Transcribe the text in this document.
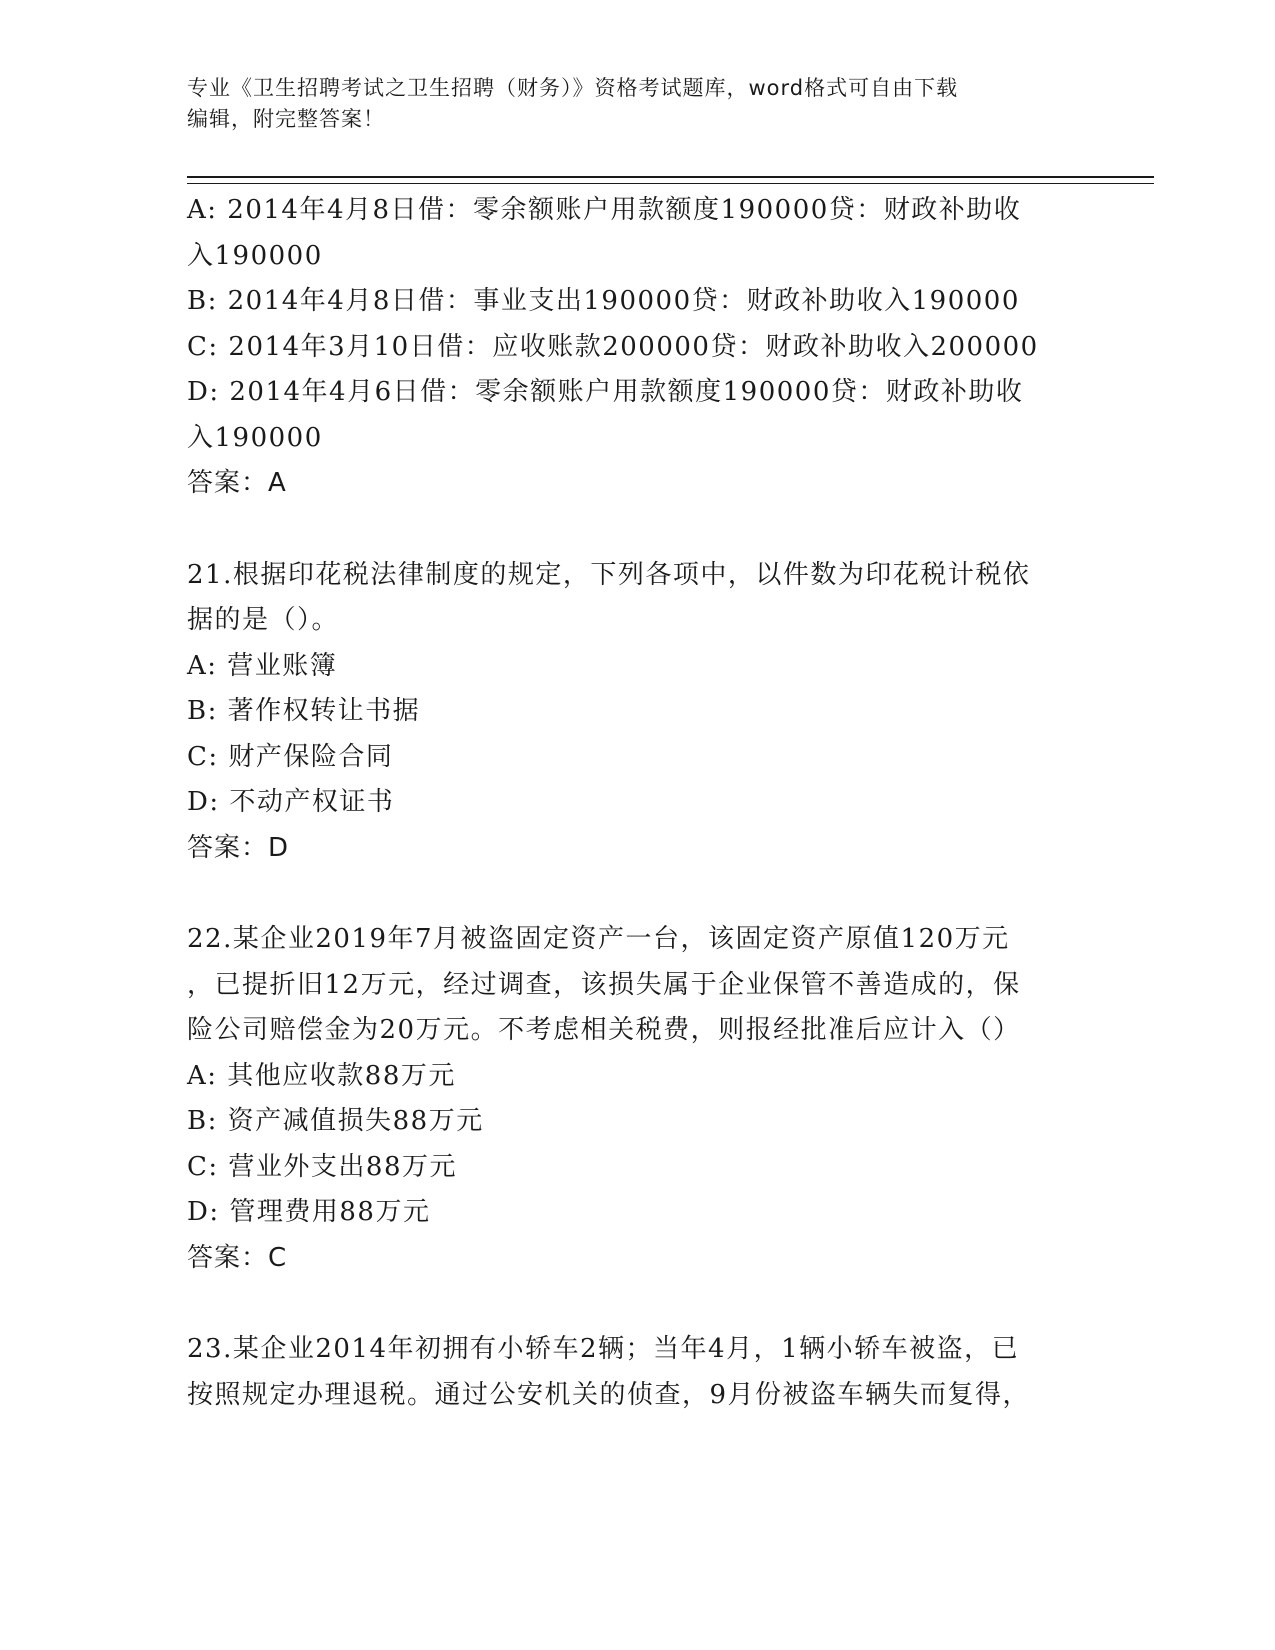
专业《卫生招聘考试之卫生招聘（财务）》资格考试题库，word格式可自由下载
编辑，附完整答案！
A: 2014年4月8日借：零余额账户用款额度190000贷：财政补助收
入190000
B: 2014年4月8日借：事业支出190000贷：财政补助收入190000
C: 2014年3月10日借：应收账款200000贷：财政补助收入200000
D: 2014年4月6日借：零余额账户用款额度190000贷：财政补助收
入190000
答案：A
21.根据印花税法律制度的规定，下列各项中，以件数为印花税计税依
据的是（）。
A: 营业账簿
B: 著作权转让书据
C: 财产保险合同
D: 不动产权证书
答案：D
22.某企业2019年7月被盗固定资产一台，该固定资产原值120万元
，已提折旧12万元，经过调查，该损失属于企业保管不善造成的，保
险公司赔偿金为20万元。不考虑相关税费，则报经批准后应计入（）
A: 其他应收款88万元
B: 资产减值损失88万元
C: 营业外支出88万元
D: 管理费用88万元
答案：C
23.某企业2014年初拥有小轿车2辆；当年4月，1辆小轿车被盗，已
按照规定办理退税。通过公安机关的侦查，9月份被盗车辆失而复得，
